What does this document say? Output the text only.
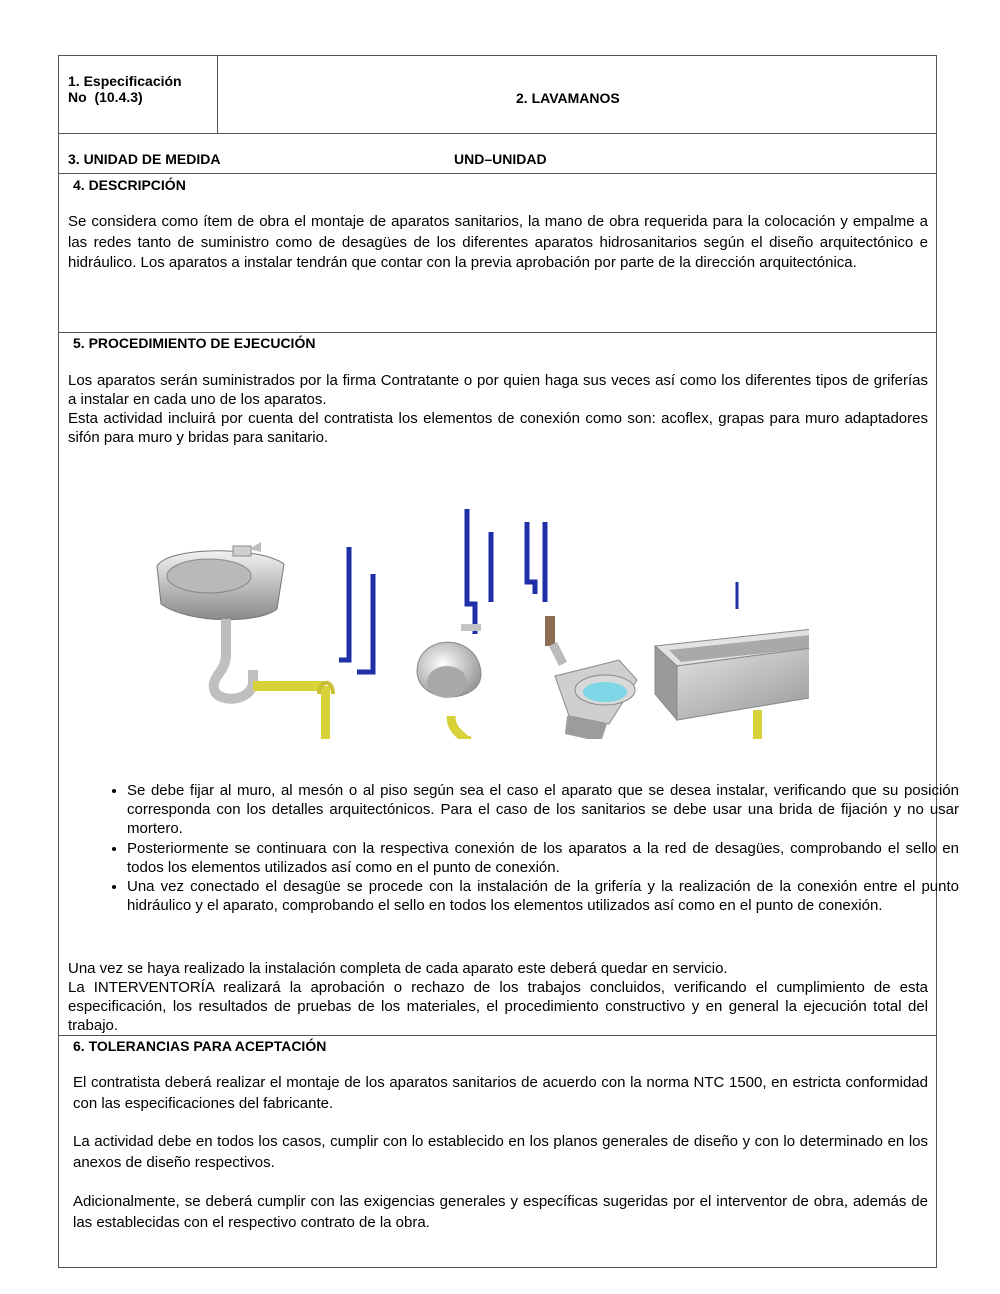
1. Especificación
No  (10.4.3)	2. LAVAMANOS
3. UNIDAD DE MEDIDA	UND–UNIDAD
4. DESCRIPCIÓN
Se considera como ítem de obra el montaje de aparatos sanitarios, la mano de obra requerida para la colocación y empalme a las redes tanto de suministro como de desagües de los diferentes aparatos hidrosanitarios según el diseño arquitectónico e hidráulico. Los aparatos a instalar tendrán que contar con la previa aprobación por parte de la dirección arquitectónica.
5. PROCEDIMIENTO DE EJECUCIÓN
Los aparatos serán suministrados por la firma Contratante o por quien haga sus veces así como los diferentes tipos de griferías a instalar en cada uno de los aparatos.
Esta actividad incluirá por cuenta del contratista los elementos de conexión como son: acoflex, grapas para muro adaptadores sifón para muro y bridas para sanitario.
• Se debe fijar al muro, al mesón o al piso según sea el caso el aparato que se desea instalar, verificando que su posición corresponda con los detalles arquitectónicos. Para el caso de los sanitarios se debe usar una brida de fijación y no usar mortero.
• Posteriormente se continuara con la respectiva conexión de los aparatos a la red de desagües, comprobando el sello en todos los elementos utilizados así como en el punto de conexión.
• Una vez conectado el desagüe se procede con la instalación de la grifería y la realización de la conexión entre el punto hidráulico y el aparato, comprobando el sello en todos los elementos utilizados así como en el punto de conexión.
Una vez se haya realizado la instalación completa de cada aparato este deberá quedar en servicio.
La INTERVENTORÍA realizará la aprobación o rechazo de los trabajos concluidos, verificando el cumplimiento de esta especificación, los resultados de pruebas de los materiales, el procedimiento constructivo y en general la ejecución total del trabajo.
6. TOLERANCIAS PARA ACEPTACIÓN
El contratista deberá realizar el montaje de los aparatos sanitarios de acuerdo con la norma NTC 1500, en estricta conformidad con las especificaciones del fabricante.
La actividad debe en todos los casos, cumplir con lo establecido en los planos generales de diseño y con lo determinado en los anexos de diseño respectivos.
Adicionalmente, se deberá cumplir con las exigencias generales y específicas sugeridas por el interventor de obra, además de las establecidas con el respectivo contrato de la obra.
